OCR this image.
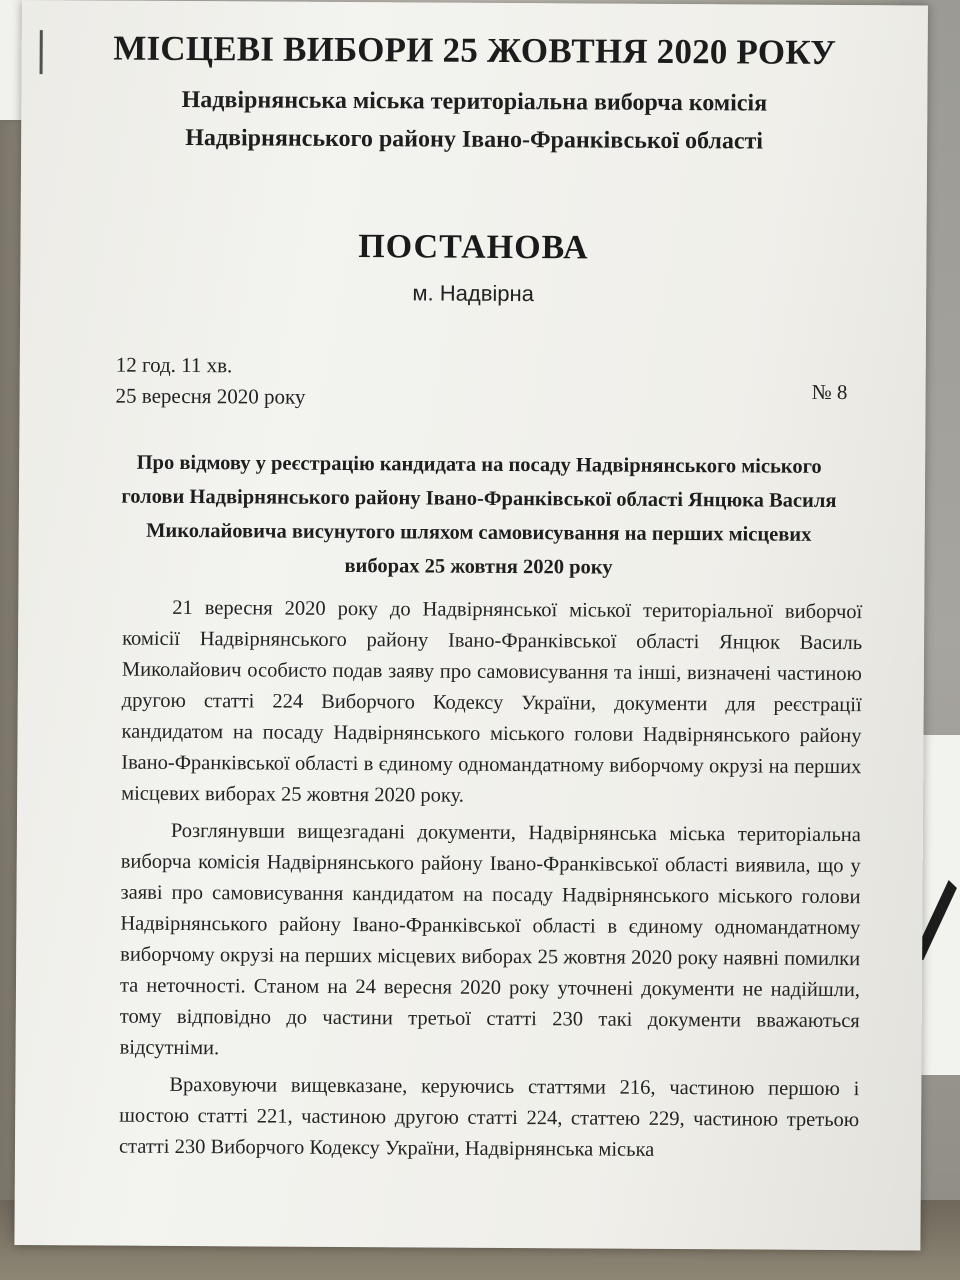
МІСЦЕВІ ВИБОРИ 25 ЖОВТНЯ 2020 РОКУ
Надвірнянська міська територіальна виборча комісія
Надвірнянського району Івано-Франківської області
ПОСТАНОВА
м. Надвірна
12 год. 11 хв.
25 вересня 2020 року	№ 8
Про відмову у реєстрацію кандидата на посаду Надвірнянського міського голови Надвірнянського району Івано-Франківської області Янцюка Василя Миколайовича висунутого шляхом самовисування на перших місцевих виборах 25 жовтня 2020 року

21 вересня 2020 року до Надвірнянської міської територіальної виборчої комісії Надвірнянського району Івано-Франківської області Янцюк Василь Миколайович особисто подав заяву про самовисування та інші, визначені частиною другою статті 224 Виборчого Кодексу України, документи для реєстрації кандидатом на посаду Надвірнянського міського голови Надвірнянського району Івано-Франківської області в єдиному одномандатному виборчому окрузі на перших місцевих виборах 25 жовтня 2020 року.

Розглянувши вищезгадані документи, Надвірнянська міська територіальна виборча комісія Надвірнянського району Івано-Франківської області виявила, що у заяві про самовисування кандидатом на посаду Надвірнянського міського голови Надвірнянського району Івано-Франківської області в єдиному одномандатному виборчому окрузі на перших місцевих виборах 25 жовтня 2020 року наявні помилки та неточності. Станом на 24 вересня 2020 року уточнені документи не надійшли, тому відповідно до частини третьої статті 230 такі документи вважаються відсутніми.

Враховуючи вищевказане, керуючись статтями 216, частиною першою і шостою статті 221, частиною другою статті 224, статтею 229, частиною третьою статті 230 Виборчого Кодексу України, Надвірнянська міська
